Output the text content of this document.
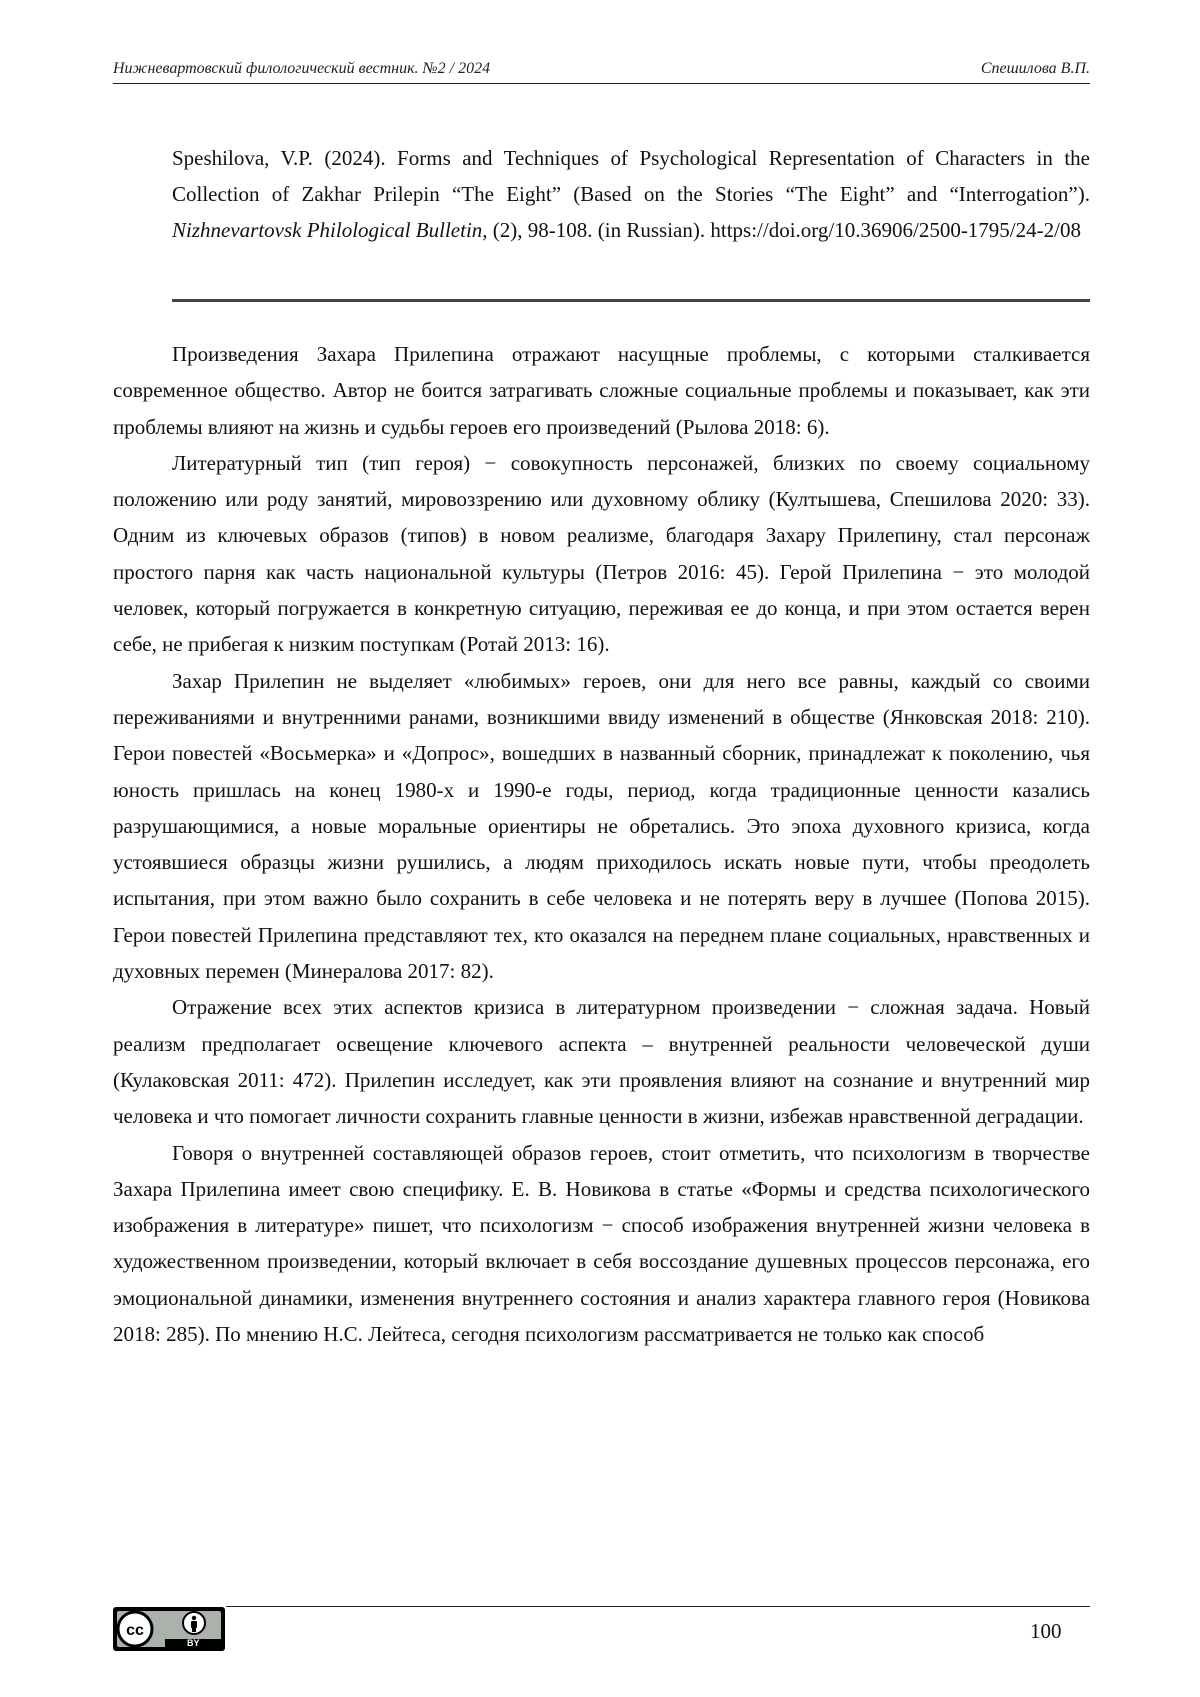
Нижневартовский филологический вестник. №2 / 2024	Спешилова В.П.

Speshilova, V.P. (2024). Forms and Techniques of Psychological Representation of Characters in the Collection of Zakhar Prilepin “The Eight” (Based on the Stories “The Eight” and “Interrogation”). Nizhnevartovsk Philological Bulletin, (2), 98-108. (in Russian). https://doi.org/10.36906/2500-1795/24-2/08

Произведения Захара Прилепина отражают насущные проблемы, с которыми сталкивается современное общество. Автор не боится затрагивать сложные социальные проблемы и показывает, как эти проблемы влияют на жизнь и судьбы героев его произведений (Рылова 2018: 6).

Литературный тип (тип героя) − совокупность персонажей, близких по своему социальному положению или роду занятий, мировоззрению или духовному облику (Култышева, Спешилова 2020: 33). Одним из ключевых образов (типов) в новом реализме, благодаря Захару Прилепину, стал персонаж простого парня как часть национальной культуры (Петров 2016: 45). Герой Прилепина − это молодой человек, который погружается в конкретную ситуацию, переживая ее до конца, и при этом остается верен себе, не прибегая к низким поступкам (Ротай 2013: 16).

Захар Прилепин не выделяет «любимых» героев, они для него все равны, каждый со своими переживаниями и внутренними ранами, возникшими ввиду изменений в обществе (Янковская 2018: 210). Герои повестей «Восьмерка» и «Допрос», вошедших в названный сборник, принадлежат к поколению, чья юность пришлась на конец 1980-х и 1990-е годы, период, когда традиционные ценности казались разрушающимися, а новые моральные ориентиры не обретались. Это эпоха духовного кризиса, когда устоявшиеся образцы жизни рушились, а людям приходилось искать новые пути, чтобы преодолеть испытания, при этом важно было сохранить в себе человека и не потерять веру в лучшее (Попова 2015). Герои повестей Прилепина представляют тех, кто оказался на переднем плане социальных, нравственных и духовных перемен (Минералова 2017: 82).

Отражение всех этих аспектов кризиса в литературном произведении − сложная задача. Новый реализм предполагает освещение ключевого аспекта – внутренней реальности человеческой души (Кулаковская 2011: 472). Прилепин исследует, как эти проявления влияют на сознание и внутренний мир человека и что помогает личности сохранить главные ценности в жизни, избежав нравственной деградации.

Говоря о внутренней составляющей образов героев, стоит отметить, что психологизм в творчестве Захара Прилепина имеет свою специфику. Е. В. Новикова в статье «Формы и средства психологического изображения в литературе» пишет, что психологизм − способ изображения внутренней жизни человека в художественном произведении, который включает в себя воссоздание душевных процессов персонажа, его эмоциональной динамики, изменения внутреннего состояния и анализ характера главного героя (Новикова 2018: 285). По мнению Н.С. Лейтеса, сегодня психологизм рассматривается не только как способ

cc
BY	100
